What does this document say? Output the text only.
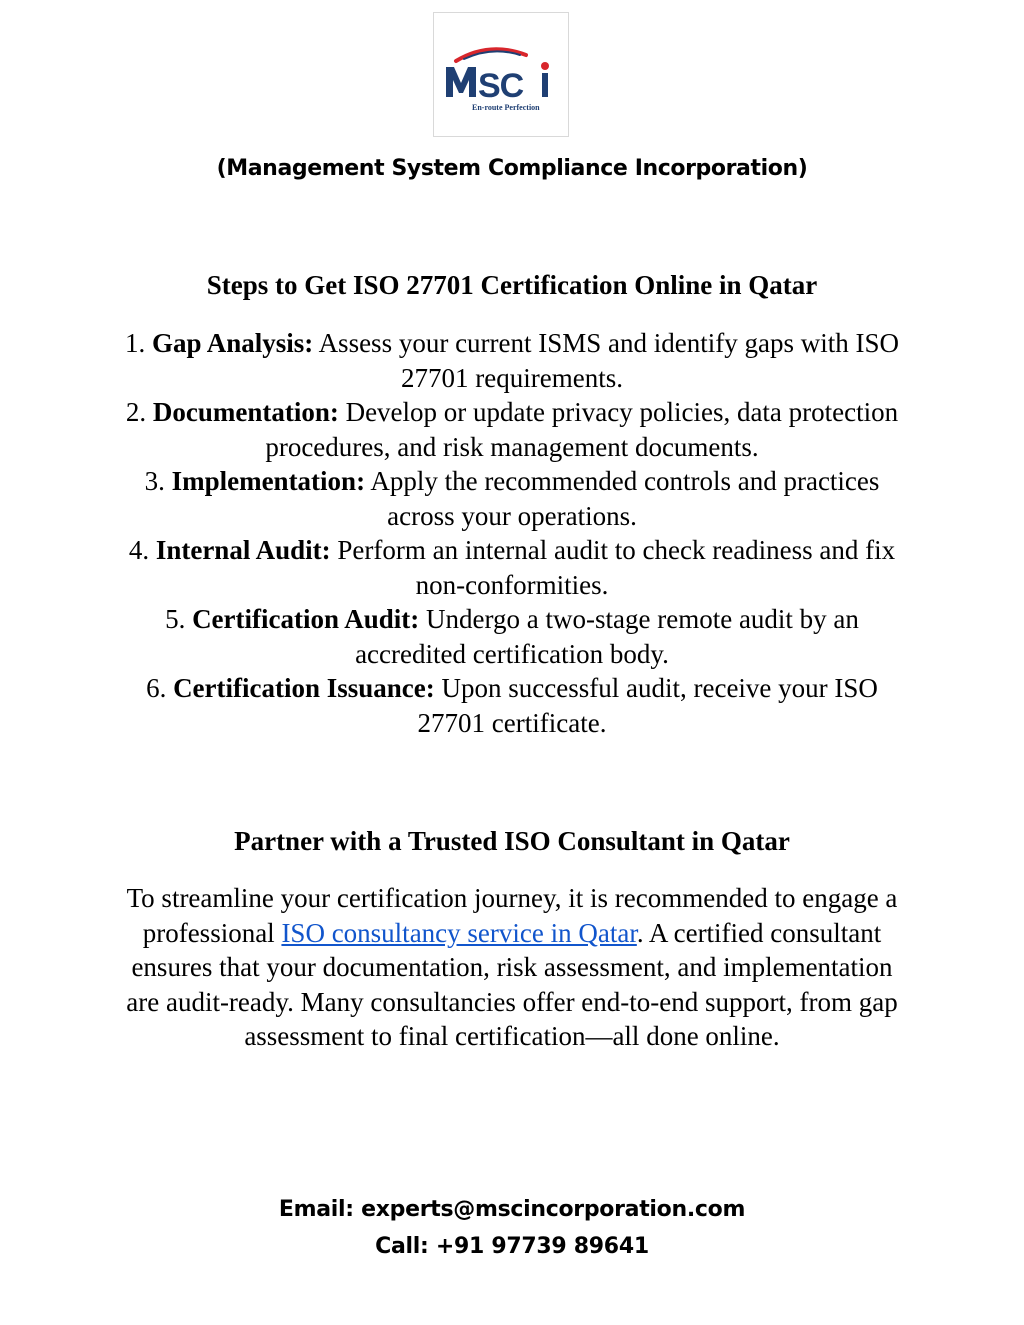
SC
En-route Perfection
(Management System Compliance Incorporation)
Steps to Get ISO 27701 Certification Online in Qatar
1. Gap Analysis: Assess your current ISMS and identify gaps with ISO 27701 requirements.
2. Documentation: Develop or update privacy policies, data protection procedures, and risk management documents.
3. Implementation: Apply the recommended controls and practices across your operations.
4. Internal Audit: Perform an internal audit to check readiness and fix non-conformities.
5. Certification Audit: Undergo a two-stage remote audit by an accredited certification body.
6. Certification Issuance: Upon successful audit, receive your ISO 27701 certificate.
Partner with a Trusted ISO Consultant in Qatar

To streamline your certification journey, it is recommended to engage a professional ISO consultancy service in Qatar. A certified consultant ensures that your documentation, risk assessment, and implementation are audit-ready. Many consultancies offer end-to-end support, from gap assessment to final certification—all done online.

Email: experts@mscincorporation.com
Call: +91 97739 89641
